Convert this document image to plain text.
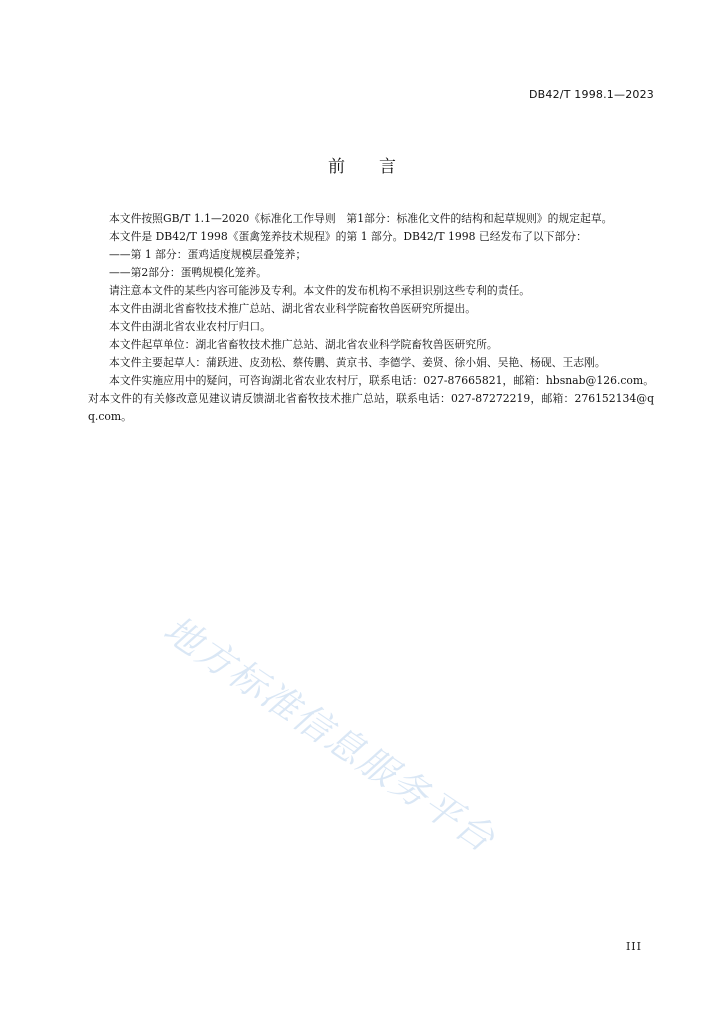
DB42/T 1998.1—2023
前言

本文件按照GB/T 1.1—2020《标准化工作导则　第1部分：标准化文件的结构和起草规则》的规定起草。

本文件是 DB42/T 1998《蛋禽笼养技术规程》的第 1 部分。DB42/T 1998 已经发布了以下部分：

——第 1 部分：蛋鸡适度规模层叠笼养；

——第2部分：蛋鸭规模化笼养。

请注意本文件的某些内容可能涉及专利。本文件的发布机构不承担识别这些专利的责任。

本文件由湖北省畜牧技术推广总站、湖北省农业科学院畜牧兽医研究所提出。

本文件由湖北省农业农村厅归口。

本文件起草单位：湖北省畜牧技术推广总站、湖北省农业科学院畜牧兽医研究所。

本文件主要起草人：蒲跃进、皮劲松、蔡传鹏、黄京书、李德学、姜贤、徐小娟、吴艳、杨砚、王志刚。

本文件实施应用中的疑问，可咨询湖北省农业农村厅，联系电话：027-87665821，邮箱：hbsnab@126.com。对本文件的有关修改意见建议请反馈湖北省畜牧技术推广总站，联系电话：027-87272219，邮箱：276152134@qq.com。

地方标准信息服务平台
III
